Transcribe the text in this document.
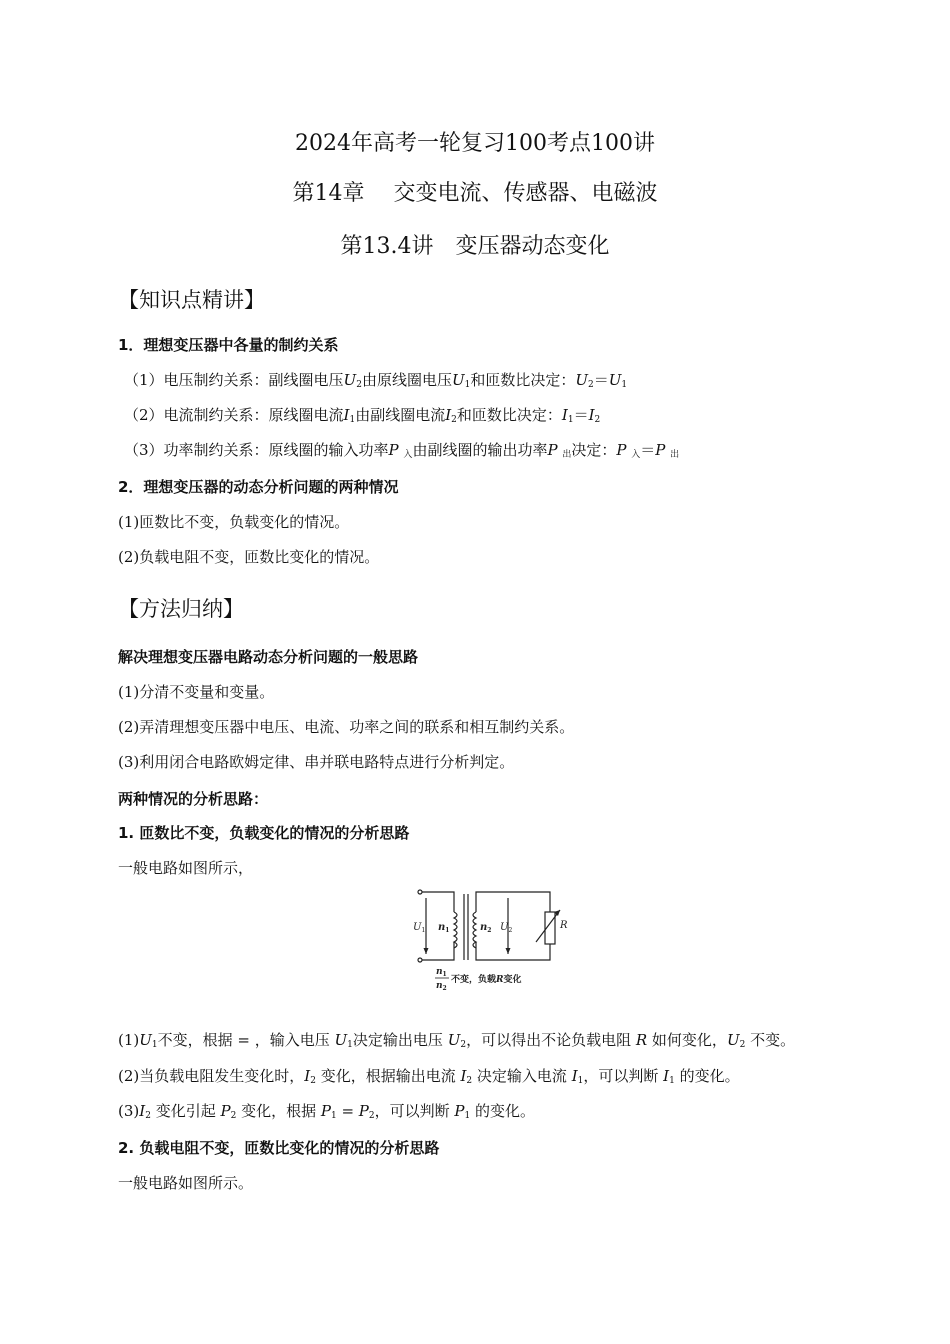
2024年高考一轮复习100考点100讲
第14章　 交变电流、传感器、电磁波
第13.4讲　变压器动态变化
【知识点精讲】
1．理想变压器中各量的制约关系
（1）电压制约关系：副线圈电压$U_2$由原线圈电压$U_1$和匝数比决定：$U_2=U_1$
（2）电流制约关系：原线圈电流$I_1$由副线圈电流$I_2$和匝数比决定：$I_1=I_2$
（3）功率制约关系：原线圈的输入功率P $_入$由副线圈的输出功率P $_出$决定：P $_入$＝P $_出$
2．理想变压器的动态分析问题的两种情况
(1)匝数比不变，负载变化的情况。
(2)负载电阻不变，匝数比变化的情况。
【方法归纳】
解决理想变压器电路动态分析问题的一般思路
(1)分清不变量和变量。
(2)弄清理想变压器中电压、电流、功率之间的联系和相互制约关系。
(3)利用闭合电路欧姆定律、串并联电路特点进行分析判定。
两种情况的分析思路：
1. 匝数比不变，负载变化的情况的分析思路
一般电路如图所示，
$U_1$ $n_1$	$n_2$ $U_2$	R
$n_1$
$n_2$
不变，负载R变化
$(1)U_1$不变，根据 = ，输入电压 $U_1$决定输出电压 $U_2$，可以得出不论负载电阻 R 如何变化，$U_2$ 不变。
(2)当负载电阻发生变化时，$I_2$ 变化，根据输出电流 $I_2$ 决定输入电流 $I_1$，可以判断 $I_1$ 的变化。
$(3)I_2$ 变化引起 $P_2$ 变化，根据 $P_1 = P_2$，可以判断 $P_1$ 的变化。
2. 负载电阻不变，匝数比变化的情况的分析思路
一般电路如图所示。
